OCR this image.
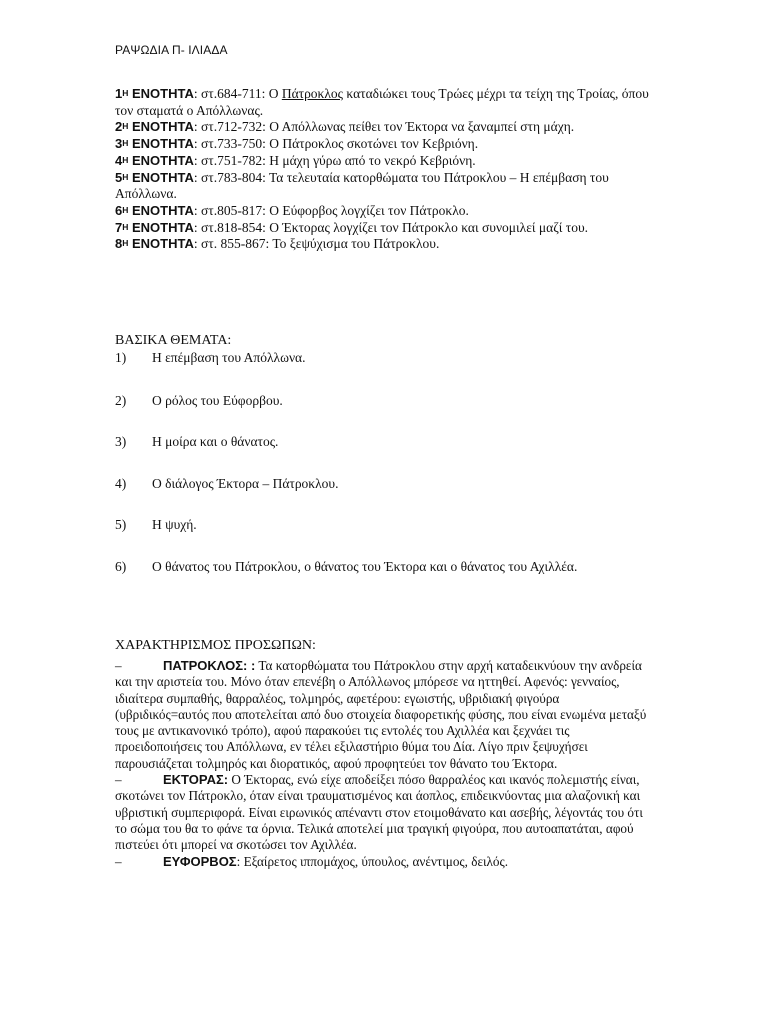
ΡΑΨΩΔΙΑ Π- ΙΛΙΑΔΑ
$1^H$ ΕΝΟΤΗΤΑ: στ.684-711: Ο Πάτροκλος καταδιώκει τους Τρώες μέχρι τα τείχη της Τροίας, όπου τον σταματά ο Απόλλωνας.
$2^H$ ΕΝΟΤΗΤΑ: στ.712-732: Ο Απόλλωνας πείθει τον Έκτορα να ξαναμπεί στη μάχη.
$3^H$ ΕΝΟΤΗΤΑ: στ.733-750: Ο Πάτροκλος σκοτώνει τον Κεβριόνη.
$4^H$ ΕΝΟΤΗΤΑ: στ.751-782: Η μάχη γύρω από το νεκρό Κεβριόνη.
$5^H$ ΕΝΟΤΗΤΑ: στ.783-804: Τα τελευταία κατορθώματα του Πάτροκλου – Η επέμβαση του Απόλλωνα.
$6^H$ ΕΝΟΤΗΤΑ: στ.805-817: Ο Εύφορβος λογχίζει τον Πάτροκλο.
$7^H$ ΕΝΟΤΗΤΑ: στ.818-854: Ο Έκτορας λογχίζει τον Πάτροκλο και συνομιλεί μαζί του.
$8^H$ ΕΝΟΤΗΤΑ: στ. 855-867: Το ξεψύχισμα του Πάτροκλου.
ΒΑΣΙΚΑ ΘΕΜΑΤΑ:
1) Η επέμβαση του Απόλλωνα.
2) Ο ρόλος του Εύφορβου.
3) Η μοίρα και ο θάνατος.
4) Ο διάλογος Έκτορα – Πάτροκλου.
5) Η ψυχή.
6) Ο θάνατος του Πάτροκλου, ο θάνατος του Έκτορα και ο θάνατος του Αχιλλέα.
ΧΑΡΑΚΤΗΡΙΣΜΟΣ ΠΡΟΣΩΠΩΝ:
–	ΠΑΤΡΟΚΛΟΣ: : Τα κατορθώματα του Πάτροκλου στην αρχή καταδεικνύουν την ανδρεία και την αριστεία του. Μόνο όταν επενέβη ο Απόλλωνος μπόρεσε να ηττηθεί. Αφενός: γενναίος, ιδιαίτερα συμπαθής, θαρραλέος, τολμηρός, αφετέρου: εγωιστής, υβριδιακή φιγούρα (υβριδικός=αυτός που αποτελείται από δυο στοιχεία διαφορετικής φύσης, που είναι ενωμένα μεταξύ τους με αντικανονικό τρόπο), αφού παρακούει τις εντολές του Αχιλλέα και ξεχνάει τις προειδοποιήσεις του Απόλλωνα, εν τέλει εξιλαστήριο θύμα του Δία. Λίγο πριν ξεψυχήσει παρουσιάζεται τολμηρός και διορατικός, αφού προφητεύει τον θάνατο του Έκτορα.
–	ΕΚΤΟΡΑΣ: Ο Έκτορας, ενώ είχε αποδείξει πόσο θαρραλέος και ικανός πολεμιστής είναι, σκοτώνει τον Πάτροκλο, όταν είναι τραυματισμένος και άοπλος, επιδεικνύοντας μια αλαζονική και υβριστική συμπεριφορά. Είναι ειρωνικός απέναντι στον ετοιμοθάνατο και ασεβής, λέγοντάς του ότι το σώμα του θα το φάνε τα όρνια. Τελικά αποτελεί μια τραγική φιγούρα, που αυτοαπατάται, αφού πιστεύει ότι μπορεί να σκοτώσει τον Αχιλλέα.
–	ΕΥΦΟΡΒΟΣ: Εξαίρετος ιππομάχος, ύπουλος, ανέντιμος, δειλός.
